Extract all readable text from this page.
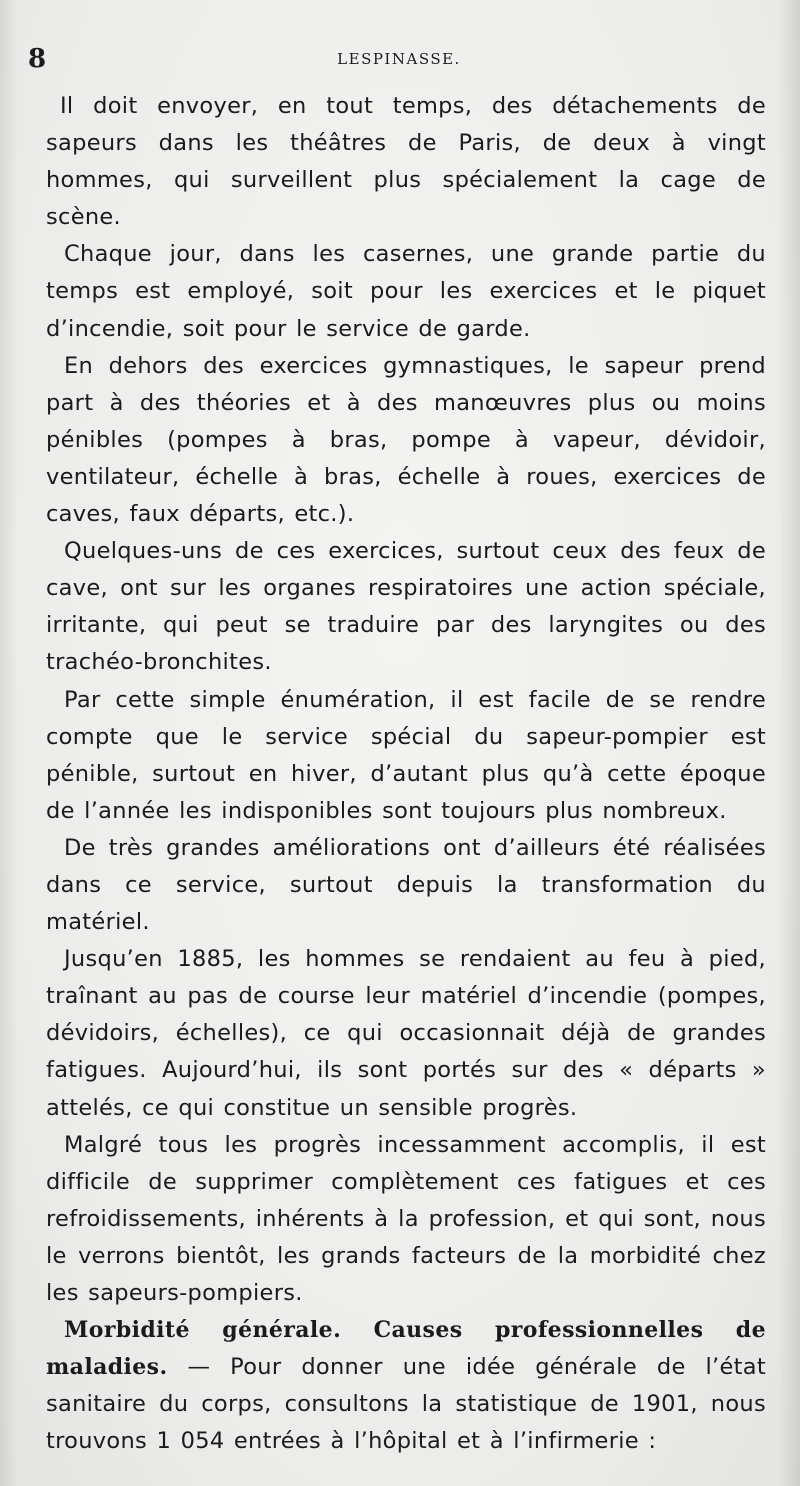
8	LESPINASSE.

Il doit envoyer, en tout temps, des détachements de sapeurs dans les théâtres de Paris, de deux à vingt hommes, qui surveillent plus spécialement la cage de scène.

Chaque jour, dans les casernes, une grande partie du temps est employé, soit pour les exercices et le piquet d’incendie, soit pour le service de garde.

En dehors des exercices gymnastiques, le sapeur prend part à des théories et à des manœuvres plus ou moins pénibles (pompes à bras, pompe à vapeur, dévidoir, ventilateur, échelle à bras, échelle à roues, exercices de caves, faux départs, etc.).

Quelques-uns de ces exercices, surtout ceux des feux de cave, ont sur les organes respiratoires une action spéciale, irritante, qui peut se traduire par des laryngites ou des trachéo-bronchites.

Par cette simple énumération, il est facile de se rendre compte que le service spécial du sapeur-pompier est pénible, surtout en hiver, d’autant plus qu’à cette époque de l’année les indisponibles sont toujours plus nombreux.

De très grandes améliorations ont d’ailleurs été réalisées dans ce service, surtout depuis la transformation du matériel.

Jusqu’en 1885, les hommes se rendaient au feu à pied, traînant au pas de course leur matériel d’incendie (pompes, dévidoirs, échelles), ce qui occasionnait déjà de grandes fatigues. Aujourd’hui, ils sont portés sur des « départs » attelés, ce qui constitue un sensible progrès.

Malgré tous les progrès incessamment accomplis, il est difficile de supprimer complètement ces fatigues et ces refroidissements, inhérents à la profession, et qui sont, nous le verrons bientôt, les grands facteurs de la morbidité chez les sapeurs-pompiers.

Morbidité générale. Causes professionnelles de maladies. — Pour donner une idée générale de l’état sanitaire du corps, consultons la statistique de 1901, nous trouvons 1 054 entrées à l’hôpital et à l’infirmerie :
